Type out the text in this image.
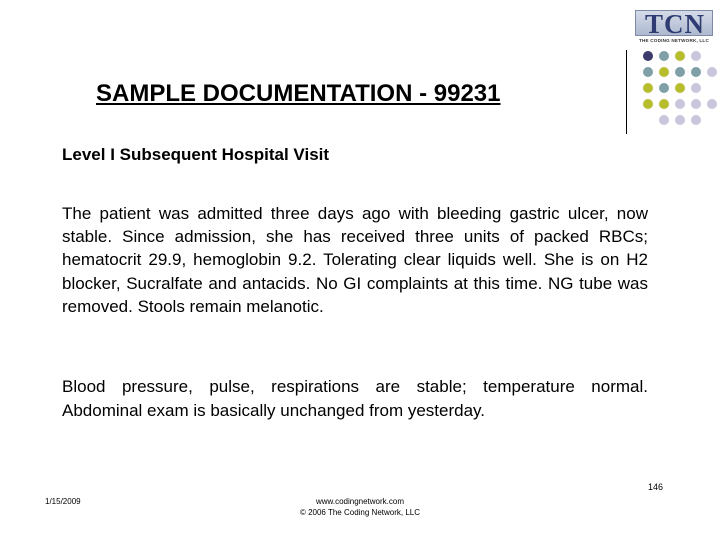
TCN
THE CODING NETWORK, LLC
SAMPLE DOCUMENTATION - 99231
Level I Subsequent Hospital Visit

The patient was admitted three days ago with bleeding gastric ulcer, now stable. Since admission, she has received three units of packed RBCs; hematocrit 29.9, hemoglobin 9.2. Tolerating clear liquids well. She is on H2 blocker, Sucralfate and antacids. No GI complaints at this time. NG tube was removed. Stools remain melanotic.

Blood pressure, pulse, respirations are stable; temperature normal. Abdominal exam is basically unchanged from yesterday.

146
1/15/2009	www.codingnetwork.com
© 2006 The Coding Network, LLC
